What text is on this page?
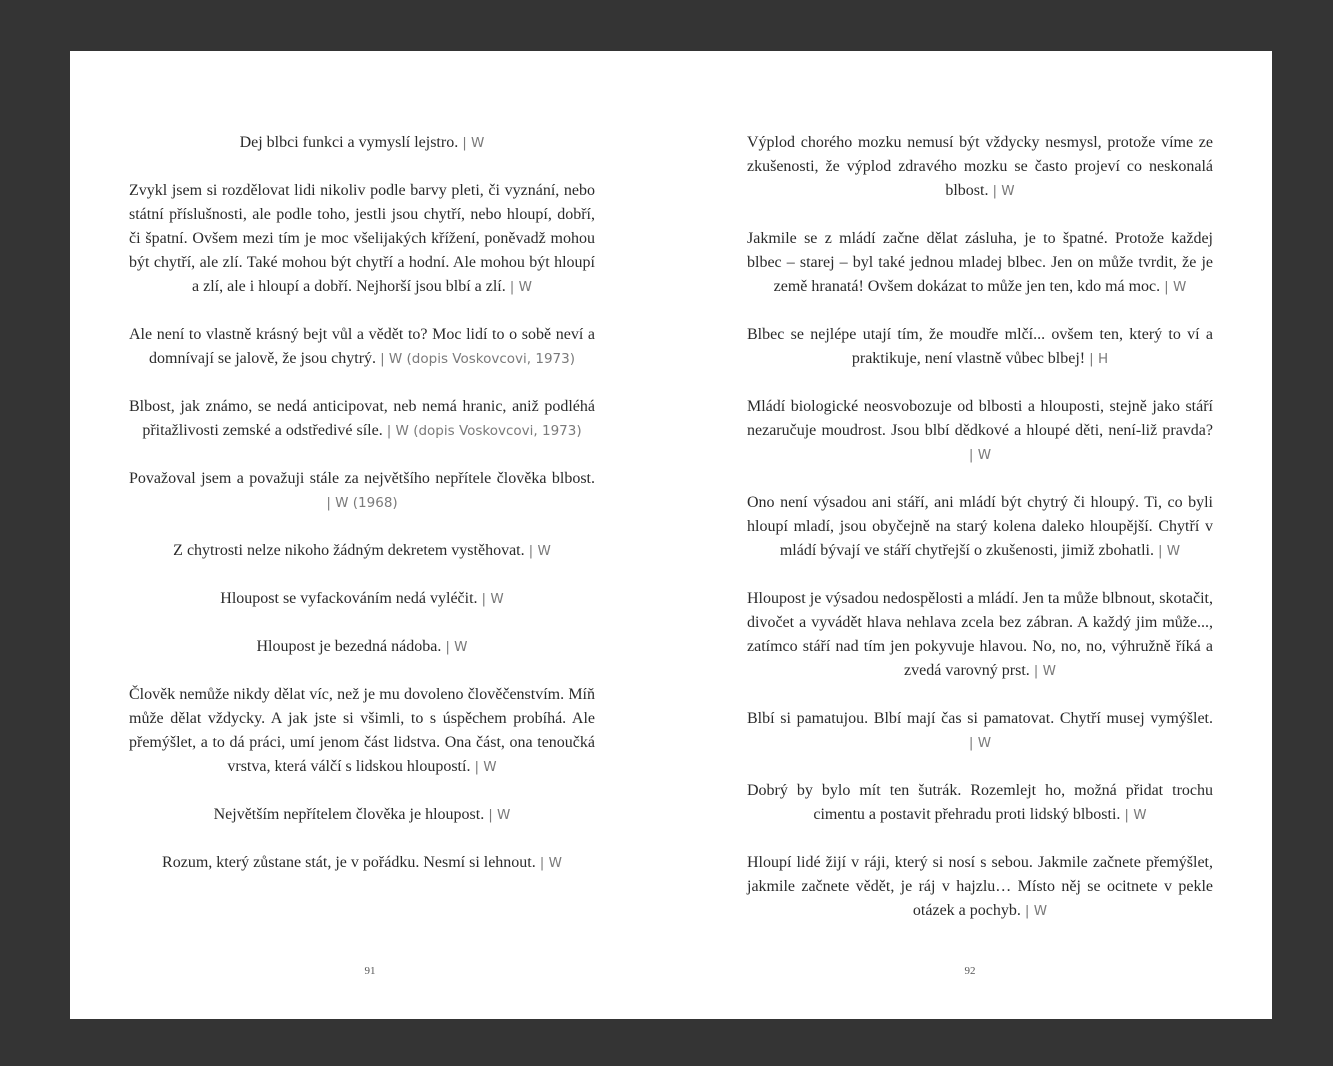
Dej blbci funkci a vymyslí lejstro. | W

Zvykl jsem si rozdělovat lidi nikoliv podle barvy pleti, či vyznání, nebo státní příslušnosti, ale podle toho, jestli jsou chytří, nebo hloupí, dobří, či špatní. Ovšem mezi tím je moc všelijakých křížení, poněvadž mohou být chytří, ale zlí. Také mohou být chytří a hodní. Ale mohou být hloupí a zlí, ale i hloupí a dobří. Nejhorší jsou blbí a zlí. | W

Ale není to vlastně krásný bejt vůl a vědět to? Moc lidí to o sobě neví a domnívají se jalově, že jsou chytrý. | W (dopis Voskovcovi, 1973)

Blbost, jak známo, se nedá anticipovat, neb nemá hranic, aniž podléhá přitažlivosti zemské a odstředivé síle. | W (dopis Voskovcovi, 1973)

Považoval jsem a považuji stále za největšího nepřítele člověka blbost. | W (1968)

Z chytrosti nelze nikoho žádným dekretem vystěhovat. | W

Hloupost se vyfackováním nedá vyléčit. | W

Hloupost je bezedná nádoba. | W

Člověk nemůže nikdy dělat víc, než je mu dovoleno člověčenstvím. Míň může dělat vždycky. A jak jste si všimli, to s úspěchem probíhá. Ale přemýšlet, a to dá práci, umí jenom část lidstva. Ona část, ona tenoučká vrstva, která válčí s lidskou hloupostí. | W

Největším nepřítelem člověka je hloupost. | W

Rozum, který zůstane stát, je v pořádku. Nesmí si lehnout. | W

Výplod chorého mozku nemusí být vždycky nesmysl, protože víme ze zkušenosti, že výplod zdravého mozku se často projeví co neskonalá blbost. | W

Jakmile se z mládí začne dělat zásluha, je to špatné. Protože každej blbec – starej – byl také jednou mladej blbec. Jen on může tvrdit, že je země hranatá! Ovšem dokázat to může jen ten, kdo má moc. | W

Blbec se nejlépe utají tím, že moudře mlčí... ovšem ten, který to ví a praktikuje, není vlastně vůbec blbej! | H

Mládí biologické neosvobozuje od blbosti a hlouposti, stejně jako stáří nezaručuje moudrost. Jsou blbí dědkové a hloupé děti, není-liž pravda? | W

Ono není výsadou ani stáří, ani mládí být chytrý či hloupý. Ti, co byli hloupí mladí, jsou obyčejně na starý kolena daleko hloupější. Chytří v mládí bývají ve stáří chytřejší o zkušenosti, jimiž zbohatli. | W

Hloupost je výsadou nedospělosti a mládí. Jen ta může blbnout, skotačit, divočet a vyvádět hlava nehlava zcela bez zábran. A každý jim může..., zatímco stáří nad tím jen pokyvuje hlavou. No, no, no, výhružně říká a zvedá varovný prst. | W

Blbí si pamatujou. Blbí mají čas si pamatovat. Chytří musej vymýšlet. | W

Dobrý by bylo mít ten šutrák. Rozemlejt ho, možná přidat trochu cimentu a postavit přehradu proti lidský blbosti. | W

Hloupí lidé žijí v ráji, který si nosí s sebou. Jakmile začnete přemýšlet, jakmile začnete vědět, je ráj v hajzlu… Místo něj se ocitnete v pekle otázek a pochyb. | W

91	92
